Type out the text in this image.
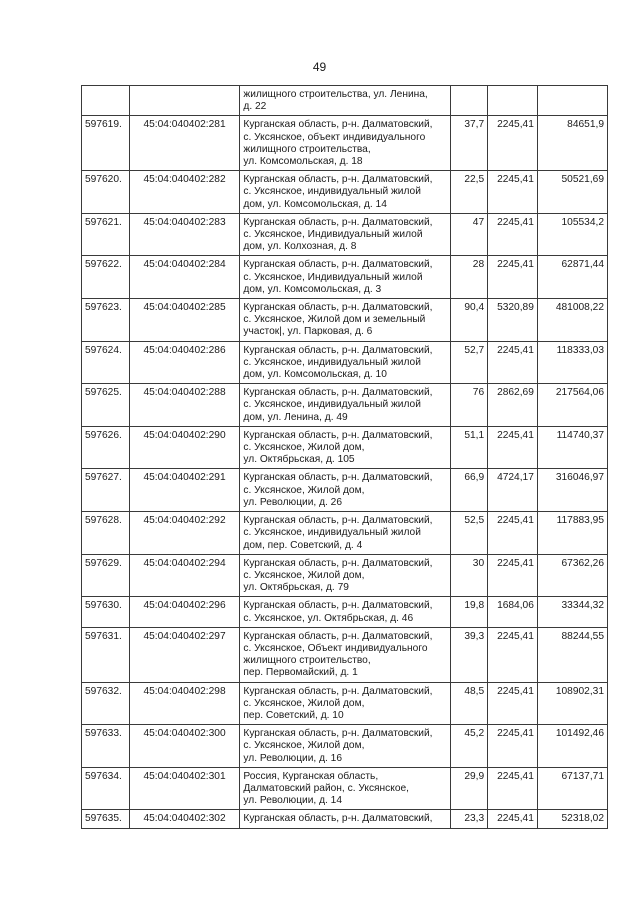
49

		жилищного строительства, ул. Ленина,
д. 22			

597619.	45:04:040402:281	Курганская область, р-н. Далматовский,
с. Уксянское, объект индивидуального
жилищного строительства,
ул. Комсомольская, д. 18	37,7	2245,41	84651,9
597620.	45:04:040402:282	Курганская область, р-н. Далматовский,
с. Уксянское, индивидуальный жилой
дом, ул. Комсомольская, д. 14	22,5	2245,41	50521,69
597621.	45:04:040402:283	Курганская область, р-н. Далматовский,
с. Уксянское, Индивидуальный жилой
дом, ул. Колхозная, д. 8	47	2245,41	105534,2
597622.	45:04:040402:284	Курганская область, р-н. Далматовский,
с. Уксянское, Индивидуальный жилой
дом, ул. Комсомольская, д. 3	28	2245,41	62871,44
597623.	45:04:040402:285	Курганская область, р-н. Далматовский,
с. Уксянское, Жилой дом и земельный
участок|, ул. Парковая, д. 6	90,4	5320,89	481008,22
597624.	45:04:040402:286	Курганская область, р-н. Далматовский,
с. Уксянское, индивидуальный жилой
дом, ул. Комсомольская, д. 10	52,7	2245,41	118333,03
597625.	45:04:040402:288	Курганская область, р-н. Далматовский,
с. Уксянское, индивидуальный жилой
дом, ул. Ленина, д. 49	76	2862,69	217564,06
597626.	45:04:040402:290	Курганская область, р-н. Далматовский,
с. Уксянское, Жилой дом,
ул. Октябрьская, д. 105	51,1	2245,41	114740,37
597627.	45:04:040402:291	Курганская область, р-н. Далматовский,
с. Уксянское, Жилой дом,
ул. Революции, д. 26	66,9	4724,17	316046,97
597628.	45:04:040402:292	Курганская область, р-н. Далматовский,
с. Уксянское, индивидуальный жилой
дом, пер. Советский, д. 4	52,5	2245,41	117883,95
597629.	45:04:040402:294	Курганская область, р-н. Далматовский,
с. Уксянское, Жилой дом,
ул. Октябрьская, д. 79	30	2245,41	67362,26
597630.	45:04:040402:296	Курганская область, р-н. Далматовский,
с. Уксянское, ул. Октябрьская, д. 46	19,8	1684,06	33344,32
597631.	45:04:040402:297	Курганская область, р-н. Далматовский,
с. Уксянское, Объект индивидуального
жилищного строительство,
пер. Первомайский, д. 1	39,3	2245,41	88244,55
597632.	45:04:040402:298	Курганская область, р-н. Далматовский,
с. Уксянское, Жилой дом,
пер. Советский, д. 10	48,5	2245,41	108902,31
597633.	45:04:040402:300	Курганская область, р-н. Далматовский,
с. Уксянское, Жилой дом,
ул. Революции, д. 16	45,2	2245,41	101492,46
597634.	45:04:040402:301	Россия, Курганская область,
Далматовский район, с. Уксянское,
ул. Революции, д. 14	29,9	2245,41	67137,71
597635.	45:04:040402:302	Курганская область, р-н. Далматовский,	23,3	2245,41	52318,02
